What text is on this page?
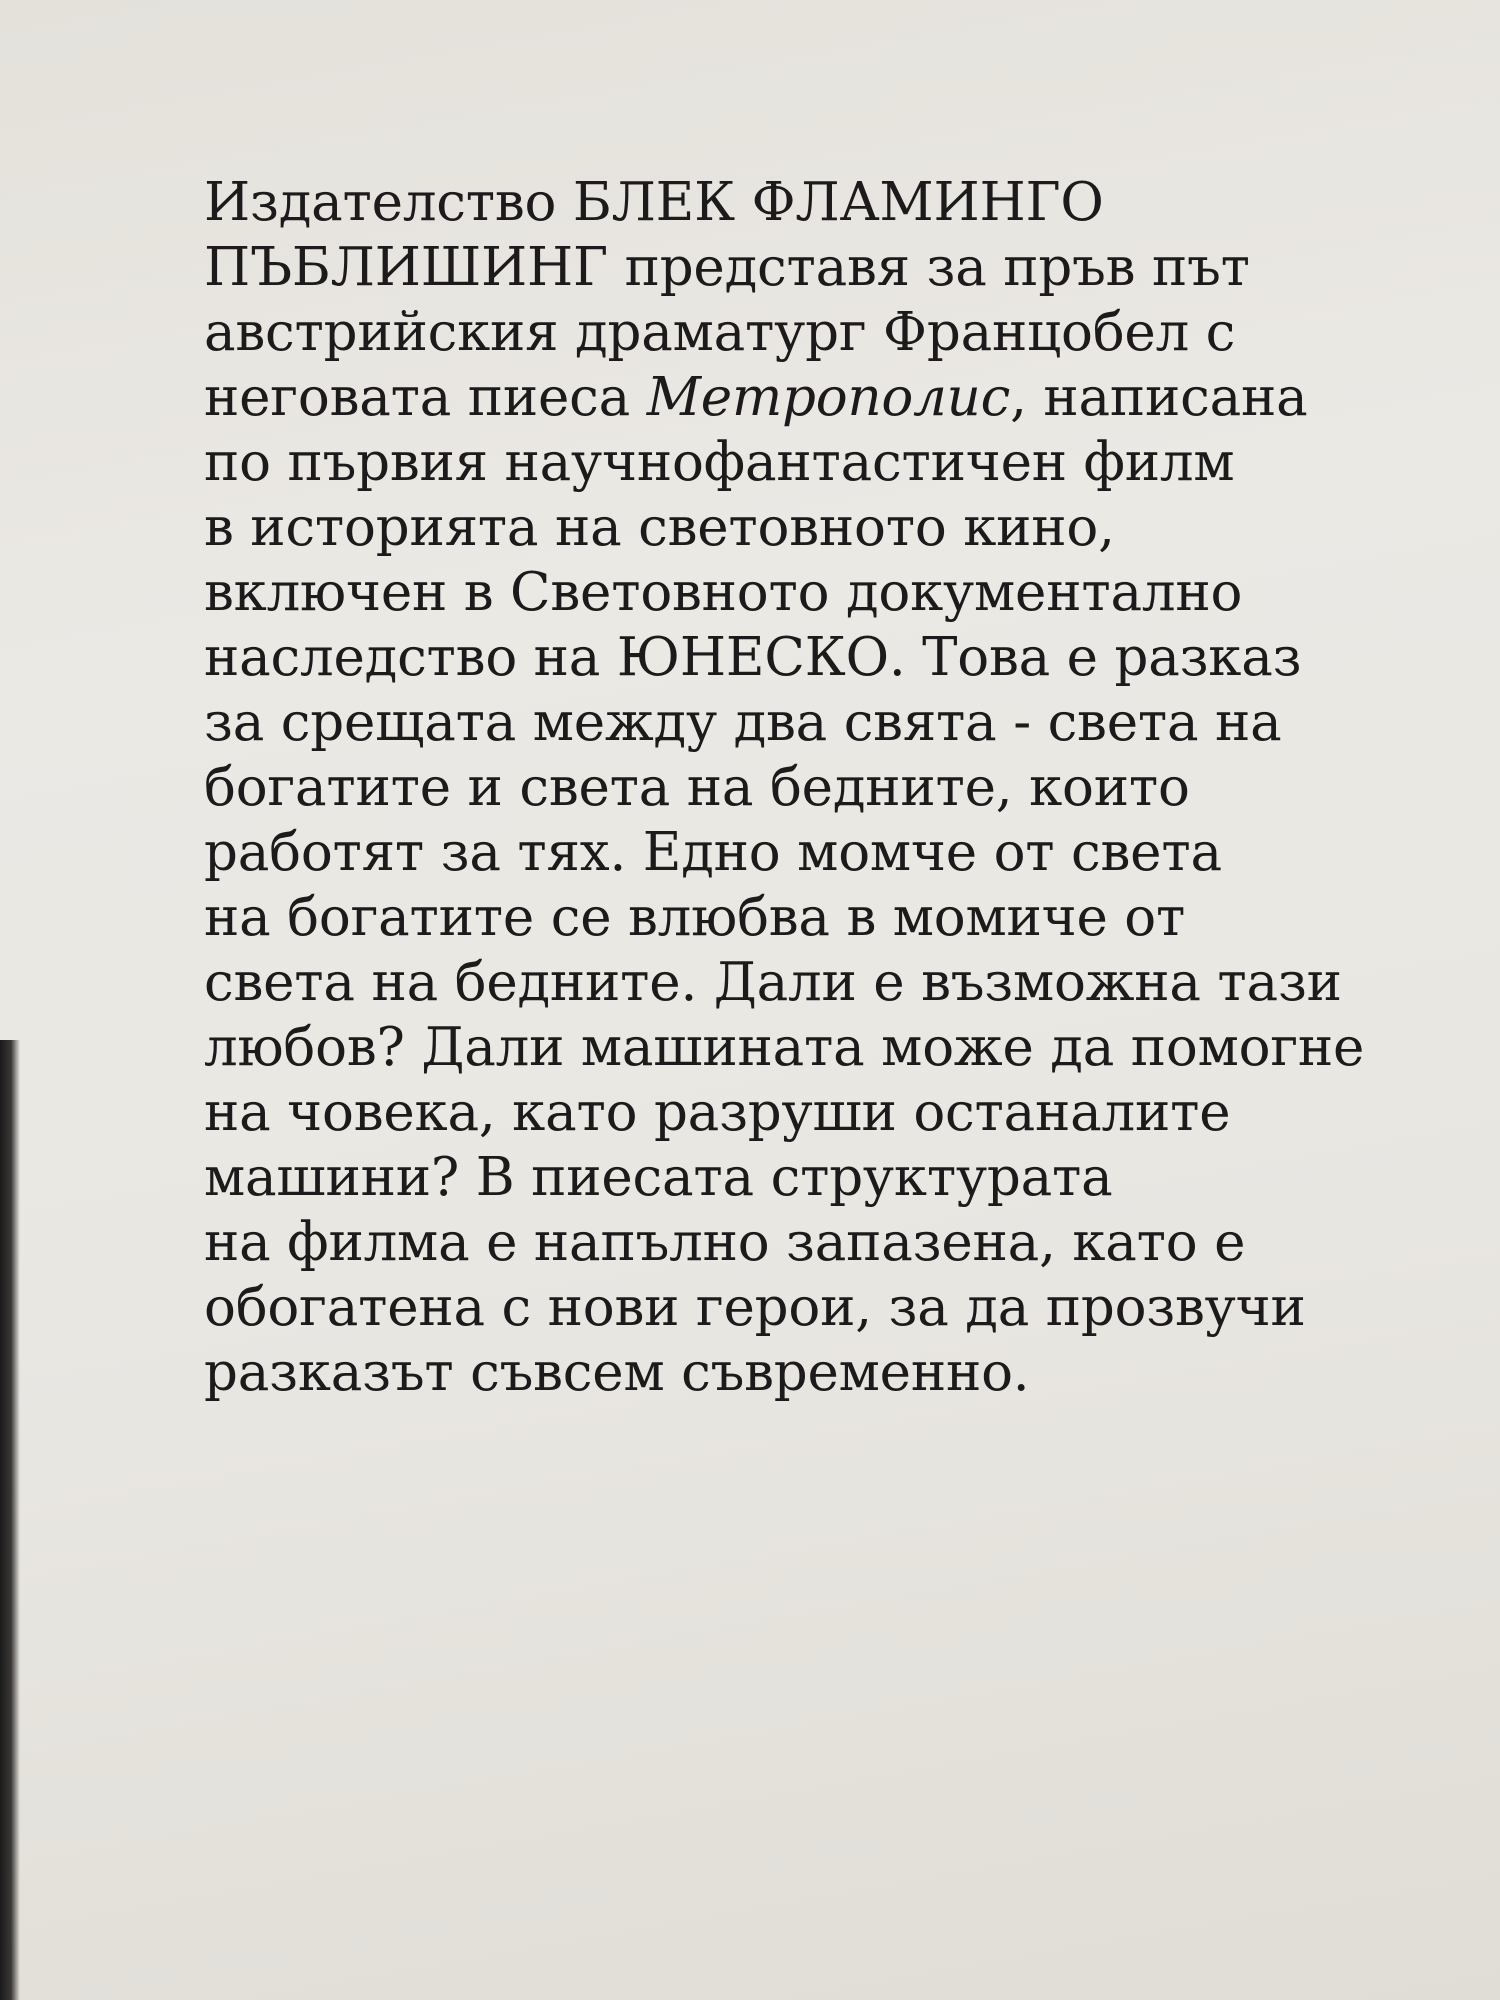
Издателство БЛЕК ФЛАМИНГО
ПЪБЛИШИНГ представя за пръв път
австрийския драматург Францобел с
неговата пиеса Метрополис, написана
по първия научнофантастичен филм
в историята на световното кино,
включен в Световното документално
наследство на ЮНЕСКО. Това е разказ
за срещата между два свята - света на
богатите и света на бедните, които
работят за тях. Едно момче от света
на богатите се влюбва в момиче от
света на бедните. Дали е възможна тази
любов? Дали машината може да помогне
на човека, като разруши останалите
машини? В пиесата структурата
на филма е напълно запазена, като е
обогатена с нови герои, за да прозвучи
разказът съвсем съвременно.
